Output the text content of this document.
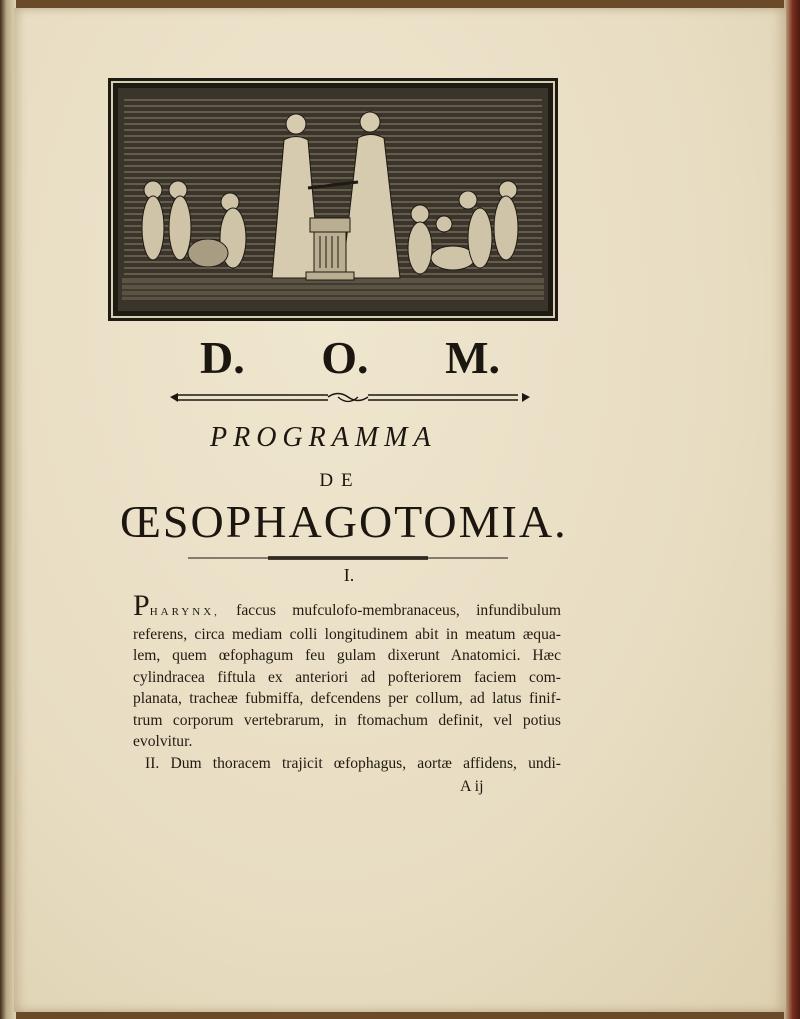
D. O. M.
PROGRAMMA
DE
ŒSOPHAGOTOMIA.
I.
PHARYNX, faccus mufculofo-membranaceus, infundibulum
referens, circa mediam colli longitudinem abit in meatum æqua-
lem, quem œfophagum feu gulam dixerunt Anatomici. Hæc
cylindracea fiftula ex anteriori ad pofteriorem faciem com-
planata, tracheæ fubmiffa, defcendens per collum, ad latus finif-
trum corporum vertebrarum, in ftomachum definit, vel potius
evolvitur.
II. Dum thoracem trajicit œfophagus, aortæ affidens, undi-
A ij
